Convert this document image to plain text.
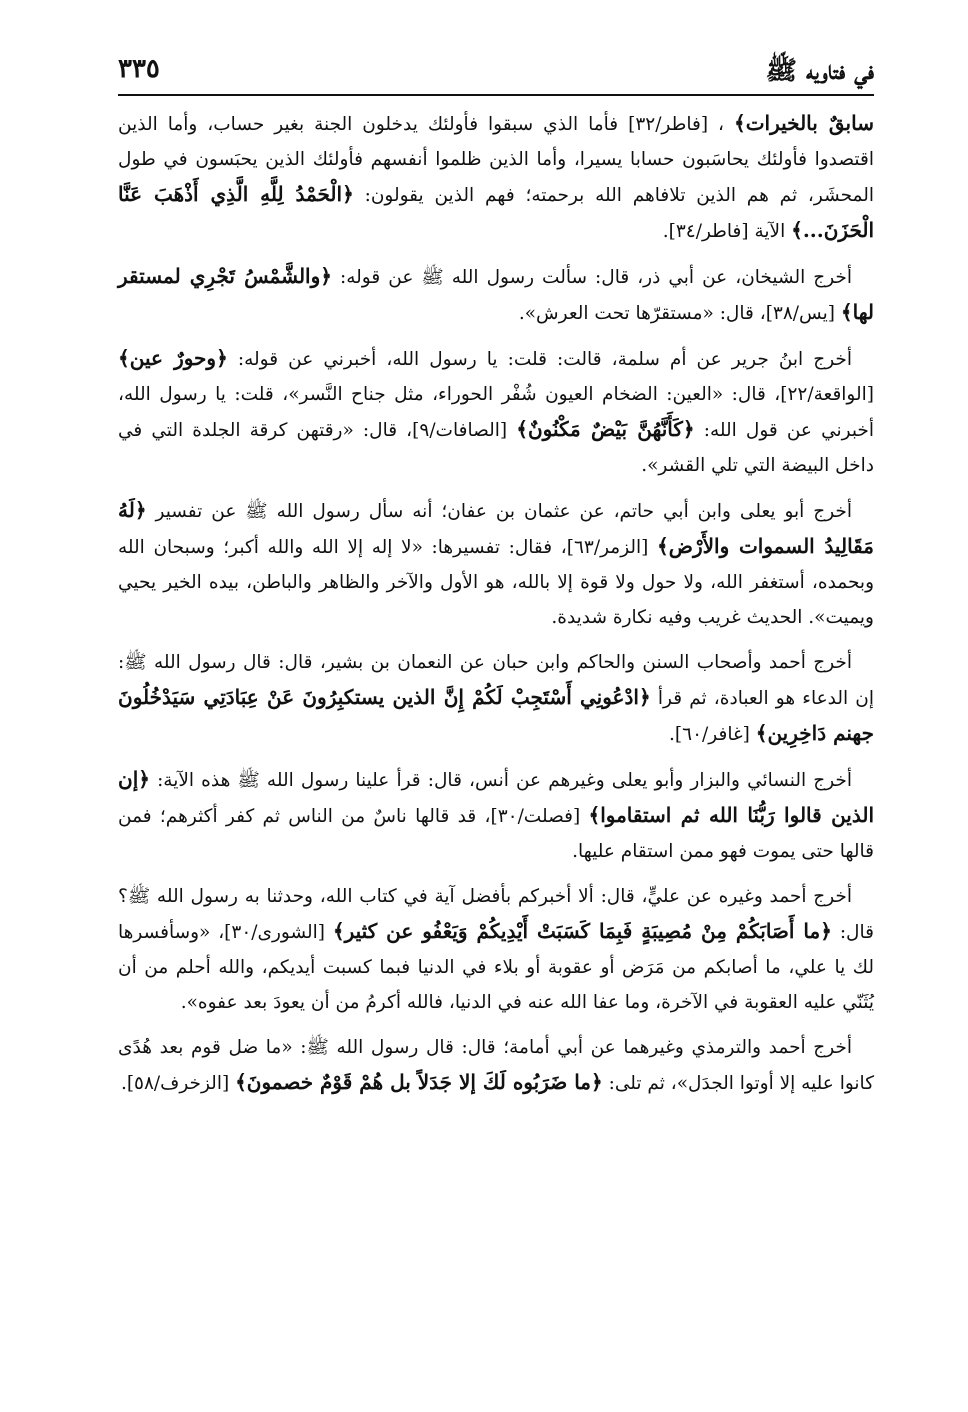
في فتاويه ﷺ
٣٣٥

سابقٌ بالخيرات﴾ ، [فاطر/٣٢] فأما الذي سبقوا فأولئك يدخلون الجنة بغير حساب، وأما الذين اقتصدوا فأولئك يحاسَبون حسابا يسيرا، وأما الذين ظلموا أنفسهم فأولئك الذين يحبَسون في طول المحشَر، ثم هم الذين تلافاهم الله برحمته؛ فهم الذين يقولون: ﴿الْحَمْدُ لِلَّهِ الَّذِي أَذْهَبَ عَنَّا الْحَزَنَ...﴾ الآية [فاطر/٣٤].

أخرج الشيخان، عن أبي ذر، قال: سألت رسول الله ﷺ عن قوله: ﴿والشَّمْسُ تَجْرِي لمستقر لها﴾ [يس/٣٨]، قال: «مستقرّها تحت العرش».

أخرج ابنُ جرير عن أم سلمة، قالت: قلت: يا رسول الله، أخبرني عن قوله: ﴿وحورٌ عين﴾ [الواقعة/٢٢]، قال: «العين: الضخام العيون شُفْر الحوراء، مثل جناح النَّسر»، قلت: يا رسول الله، أخبرني عن قول الله: ﴿كَأَنَّهُنَّ بَيْضٌ مَكْنُونٌ﴾ [الصافات/٩]، قال: «رقتهن كرقة الجلدة التي في داخل البيضة التي تلي القشر».

أخرج أبو يعلى وابن أبي حاتم، عن عثمان بن عفان؛ أنه سأل رسول الله ﷺ عن تفسير ﴿لَهُ مَقَالِيدُ السموات والأَرْض﴾ [الزمر/٦٣]، فقال: تفسيرها: «لا إله إلا الله والله أكبر؛ وسبحان الله وبحمده، أستغفر الله، ولا حول ولا قوة إلا بالله، هو الأول والآخر والظاهر والباطن، بيده الخير يحيي ويميت». الحديث غريب وفيه نكارة شديدة.

أخرج أحمد وأصحاب السنن والحاكم وابن حبان عن النعمان بن بشير، قال: قال رسول الله ﷺ: إن الدعاء هو العبادة، ثم قرأ ﴿ادْعُونِي أَسْتَجِبْ لَكُمْ إِنَّ الذين يستكبِرُونَ عَنْ عِبَادَتِي سَيَدْخُلُونَ جهنم دَاخِرِين﴾ [غافر/٦٠].

أخرج النسائي والبزار وأبو يعلى وغيرهم عن أنس، قال: قرأ علينا رسول الله ﷺ هذه الآية: ﴿إن الذين قالوا رَبُّنَا الله ثم استقاموا﴾ [فصلت/٣٠]، قد قالها ناسٌ من الناس ثم كفر أكثرهم؛ فمن قالها حتى يموت فهو ممن استقام عليها.

أخرج أحمد وغيره عن عليٍّ، قال: ألا أخبركم بأفضل آية في كتاب الله، وحدثنا به رسول الله ﷺ؟ قال: ﴿ما أَصَابَكُمْ مِنْ مُصِيبَةٍ فَبِمَا كَسَبَتْ أَيْدِيكُمْ وَيَعْفُو عن كثير﴾ [الشورى/٣٠]، «وسأفسرها لك يا علي، ما أصابكم من مَرَض أو عقوبة أو بلاء في الدنيا فبما كسبت أيديكم، والله أحلم من أن يُثَنّي عليه العقوبة في الآخرة، وما عفا الله عنه في الدنيا، فالله أكرمُ من أن يعودَ بعد عفوه».

أخرج أحمد والترمذي وغيرهما عن أبي أمامة؛ قال: قال رسول الله ﷺ: «ما ضل قوم بعد هُدًى كانوا عليه إلا أوتوا الجدَل»، ثم تلى: ﴿ما ضَرَبُوه لَكَ إلا جَدَلاً بل هُمْ قَوْمٌ خصمونَ﴾ [الزخرف/٥٨].
